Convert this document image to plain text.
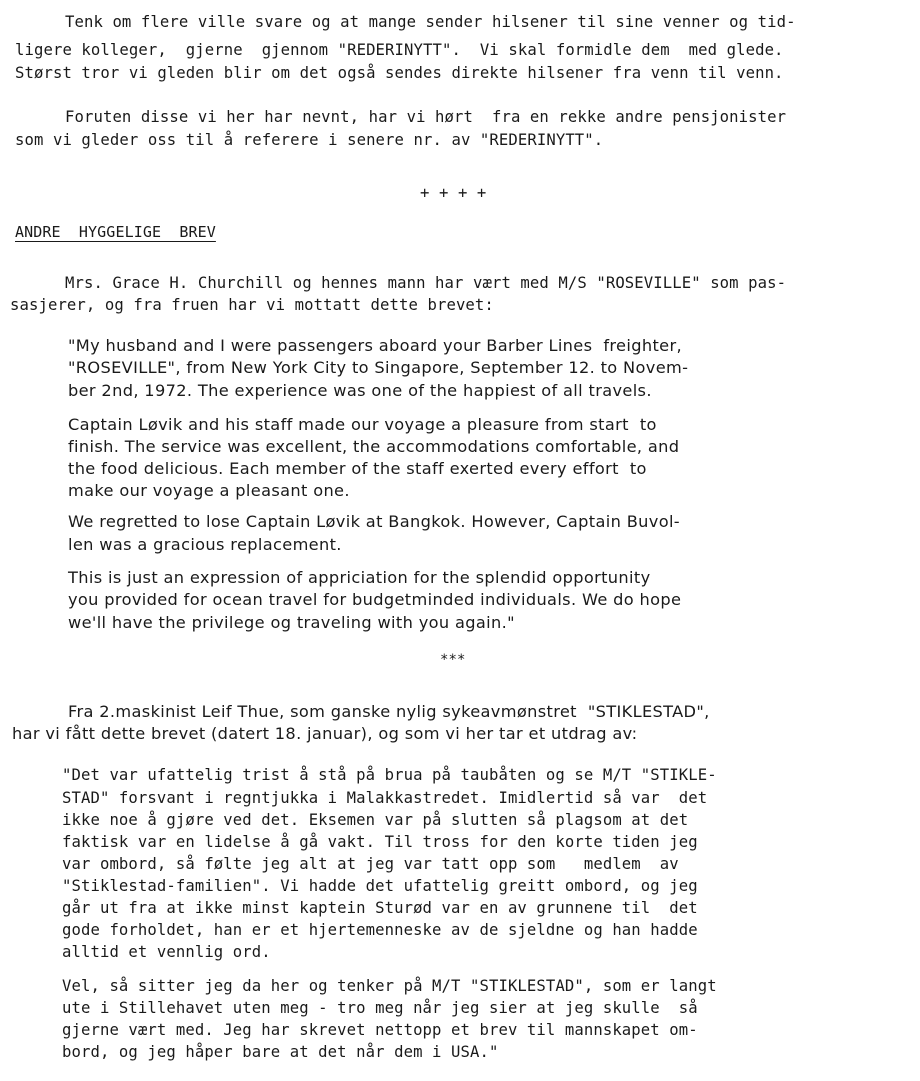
Tenk om flere ville svare og at mange sender hilsener til sine venner og tid-
ligere kolleger,  gjerne  gjennom "REDERINYTT".  Vi skal formidle dem  med glede.
Størst tror vi gleden blir om det også sendes direkte hilsener fra venn til venn.
Foruten disse vi her har nevnt, har vi hørt  fra en rekke andre pensjonister
som vi gleder oss til å referere i senere nr. av "REDERINYTT".
+ + + +
ANDRE  HYGGELIGE  BREV
Mrs. Grace H. Churchill og hennes mann har vært med M/S "ROSEVILLE" som pas-
sasjerer, og fra fruen har vi mottatt dette brevet:
"My husband and I were passengers aboard your Barber Lines  freighter,
"ROSEVILLE", from New York City to Singapore, September 12. to Novem-
ber 2nd, 1972. The experience was one of the happiest of all travels.
Captain Løvik and his staff made our voyage a pleasure from start  to
finish. The service was excellent, the accommodations comfortable, and
the food delicious. Each member of the staff exerted every effort  to
make our voyage a pleasant one.
We regretted to lose Captain Løvik at Bangkok. However, Captain Buvol-
len was a gracious replacement.
This is just an expression of appriciation for the splendid opportunity
you provided for ocean travel for budgetminded individuals. We do hope
we'll have the privilege og traveling with you again."
***
Fra 2.maskinist Leif Thue, som ganske nylig sykeavmønstret  "STIKLESTAD",
har vi fått dette brevet (datert 18. januar), og som vi her tar et utdrag av:
"Det var ufattelig trist å stå på brua på taubåten og se M/T "STIKLE-
STAD" forsvant i regntjukka i Malakkastredet. Imidlertid så var  det
ikke noe å gjøre ved det. Eksemen var på slutten så plagsom at det
faktisk var en lidelse å gå vakt. Til tross for den korte tiden jeg
var ombord, så følte jeg alt at jeg var tatt opp som   medlem  av
"Stiklestad-familien". Vi hadde det ufattelig greitt ombord, og jeg
går ut fra at ikke minst kaptein Sturød var en av grunnene til  det
gode forholdet, han er et hjertemenneske av de sjeldne og han hadde
alltid et vennlig ord.
Vel, så sitter jeg da her og tenker på M/T "STIKLESTAD", som er langt
ute i Stillehavet uten meg - tro meg når jeg sier at jeg skulle  så
gjerne vært med. Jeg har skrevet nettopp et brev til mannskapet om-
bord, og jeg håper bare at det når dem i USA."
